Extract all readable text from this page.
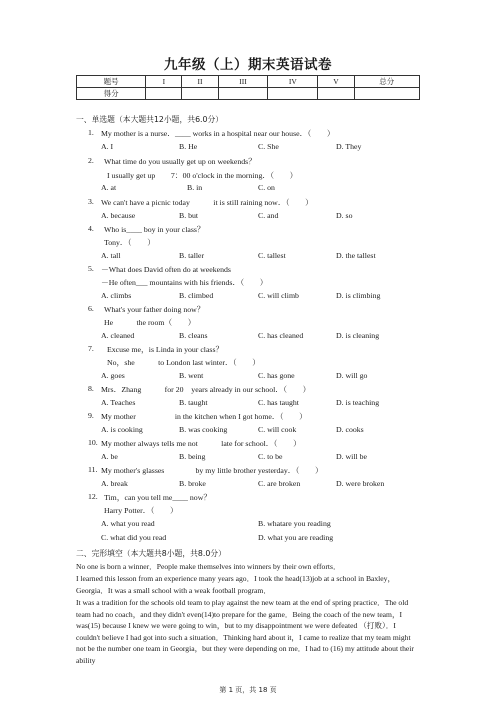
九年级（上）期末英语试卷
题号	I	II	III	IV	V	总分
得分						
一、单选题（本大题共12小题，共6.0分）
1. My mother is a nurse．____ works in a hospital near our house．（　　）
A. I	B. He	C. She	D. They
2. What time do you usually get up on weekends？
I usually get up　　7：00 o'clock in the morning．（　　）
A. at	B. in	C. on
3. We can't have a picnic today　　　it is still raining now．（　　）
A. because	B. but	C. and	D. so
4. Who is____ boy in your class？
Tony．（　　）
A. tall	B. taller	C. tallest	D. the tallest
5. －What does David often do at weekends
－He often___ mountains with his friends．（　　）
A. climbs	B. climbed	C. will climb	D. is climbing
6. What's your father doing now？
He　　　the room（　　）
A. cleaned	B. cleans	C. has cleaned	D. is cleaning
7. Excuse me，is Linda in your class？
No，she　　　to London last winter．（　　）
A. goes	B. went	C. has gone	D. will go
8. Mrs．Zhang　　　for 20　years already in our school．（　　）
A. Teaches	B. taught	C. has taught	D. is teaching
9. My mother　　　　　in the kitchen when I got home．（　　）
A. is cooking	B. was cooking	C. will cook	D. cooks
10. My mother always tells me not　　　late for school．（　　）
A. be	B. being	C. to be	D. will be
11. My mother's glasses　　　　by my little brother yesterday．（　　）
A. break	B. broke	C. are broken	D. were broken
12. Tim，can you tell me____ now？
Harry Potter．（　　）
A. what you read	B. whatare you reading
C. what did you read	D. what you are reading
二、完形填空（本大题共8小题，共8.0分）
No one is born a winner．People make themselves into winners by their own efforts．
I learned this lesson from an experience many years ago．I took the head(13)job at a school in Baxley，Georgia．It was a small school with a weak football program．
It was a tradition for the schools old team to play against the new team at the end of spring practice．The old team had no coach，and they didn't even(14)to prepare for the game．Being the coach of the new team，I was(15) because I knew we were going to win，but to my disappointment we were defeated （打败）．I couldn't believe I had got into such a situation．Thinking hard about it，I came to realize that my team might not be the number one team in Georgia，but they were depending on me．I had to (16) my attitude about their ability
第 1 页，共 18 页
